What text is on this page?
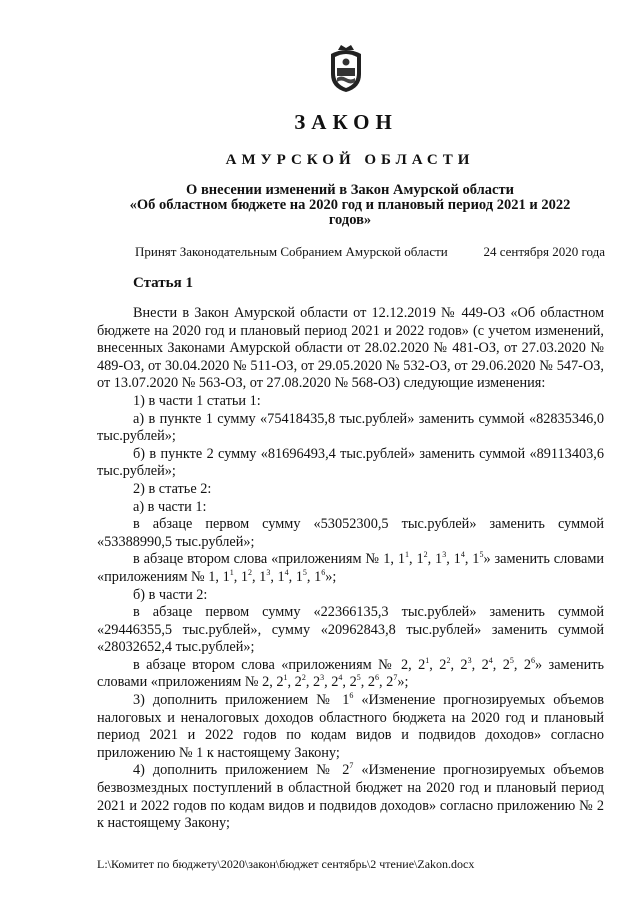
ЗАКОН
АМУРСКОЙ ОБЛАСТИ
О внесении изменений в Закон Амурской области
«Об областном бюджете на 2020 год и плановый период 2021 и 2022 годов»
Принят Законодательным Собранием Амурской области	24 сентября 2020 года
Статья 1

Внести в Закон Амурской области от 12.12.2019 № 449-ОЗ «Об областном бюджете на 2020 год и плановый период 2021 и 2022 годов» (с учетом изменений, внесенных Законами Амурской области от 28.02.2020 № 481-ОЗ, от 27.03.2020 № 489-ОЗ, от 30.04.2020 № 511-ОЗ, от 29.05.2020 № 532-ОЗ, от 29.06.2020 № 547-ОЗ, от 13.07.2020 № 563-ОЗ, от 27.08.2020 № 568-ОЗ) следующие изменения:

1) в части 1 статьи 1:

а) в пункте 1 сумму «75418435,8 тыс.рублей» заменить суммой «82835346,0 тыс.рублей»;

б) в пункте 2 сумму «81696493,4 тыс.рублей» заменить суммой «89113403,6 тыс.рублей»;

2) в статье 2:

а) в части 1:

в абзаце первом сумму «53052300,5 тыс.рублей» заменить суммой «53388990,5 тыс.рублей»;

в абзаце втором слова «приложениям № 1, $1^1$, $1^2$, $1^3$, $1^4$, $1^5$» заменить словами «приложениям № 1, $1^1$, $1^2$, $1^3$, $1^4$, $1^5$, $1^6$»;

б) в части 2:

в абзаце первом сумму «22366135,3 тыс.рублей» заменить суммой «29446355,5 тыс.рублей», сумму «20962843,8 тыс.рублей» заменить суммой «28032652,4 тыс.рублей»;

в абзаце втором слова «приложениям № 2, $2^1$, $2^2$, $2^3$, $2^4$, $2^5$, $2^6$» заменить словами «приложениям № 2, $2^1$, $2^2$, $2^3$, $2^4$, $2^5$, $2^6$, $2^7$»;

3) дополнить приложением № $1^6$ «Изменение прогнозируемых объемов налоговых и неналоговых доходов областного бюджета на 2020 год и плановый период 2021 и 2022 годов по кодам видов и подвидов доходов» согласно приложению № 1 к настоящему Закону;

4) дополнить приложением № $2^7$ «Изменение прогнозируемых объемов безвозмездных поступлений в областной бюджет на 2020 год и плановый период 2021 и 2022 годов по кодам видов и подвидов доходов» согласно приложению № 2 к настоящему Закону;

L:\Комитет по бюджету\2020\закон\бюджет сентябрь\2 чтение\Zakon.docx
